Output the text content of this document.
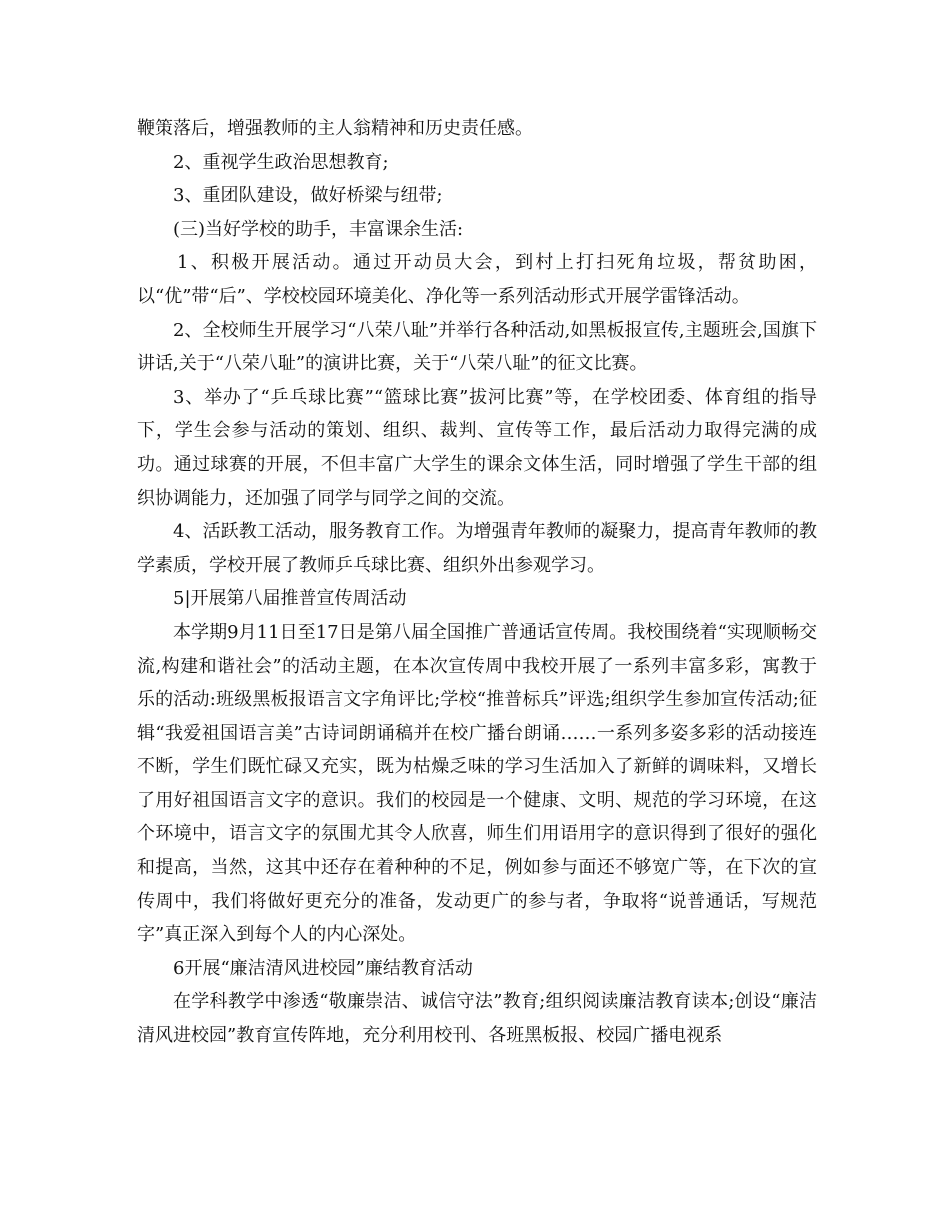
鞭策落后，增强教师的主人翁精神和历史责任感。

2、重视学生政治思想教育;

3、重团队建设，做好桥梁与纽带;

(三)当好学校的助手，丰富课余生活:

1、积极开展活动。通过开动员大会，到村上打扫死角垃圾，帮贫助困，以“优”带“后”、学校校园环境美化、净化等一系列活动形式开展学雷锋活动。

2、全校师生开展学习“八荣八耻”并举行各种活动,如黑板报宣传,主题班会,国旗下讲话,关于“八荣八耻”的演讲比赛，关于“八荣八耻”的征文比赛。

3、举办了“乒乓球比赛”“篮球比赛”拔河比赛”等，在学校团委、体育组的指导下，学生会参与活动的策划、组织、裁判、宣传等工作，最后活动力取得完满的成功。通过球赛的开展，不但丰富广大学生的课余文体生活，同时增强了学生干部的组织协调能力，还加强了同学与同学之间的交流。

4、活跃教工活动，服务教育工作。为增强青年教师的凝聚力，提高青年教师的教学素质，学校开展了教师乒乓球比赛、组织外出参观学习。

5|开展第八届推普宣传周活动

本学期9月11日至17日是第八届全国推广普通话宣传周。我校围绕着“实现顺畅交流,构建和谐社会”的活动主题，在本次宣传周中我校开展了一系列丰富多彩，寓教于乐的活动:班级黑板报语言文字角评比;学校“推普标兵”评选;组织学生参加宣传活动;征辑“我爱祖国语言美”古诗词朗诵稿并在校广播台朗诵……一系列多姿多彩的活动接连不断，学生们既忙碌又充实，既为枯燥乏味的学习生活加入了新鲜的调味料，又增长了用好祖国语言文字的意识。我们的校园是一个健康、文明、规范的学习环境，在这个环境中，语言文字的氛围尤其令人欣喜，师生们用语用字的意识得到了很好的强化和提高，当然，这其中还存在着种种的不足，例如参与面还不够宽广等，在下次的宣传周中，我们将做好更充分的准备，发动更广的参与者，争取将“说普通话，写规范字”真正深入到每个人的内心深处。

6开展“廉洁清风进校园”廉结教育活动

在学科教学中渗透“敬廉崇洁、诚信守法”教育;组织阅读廉洁教育读本;创设“廉洁清风进校园”教育宣传阵地，充分利用校刊、各班黑板报、校园广播电视系
